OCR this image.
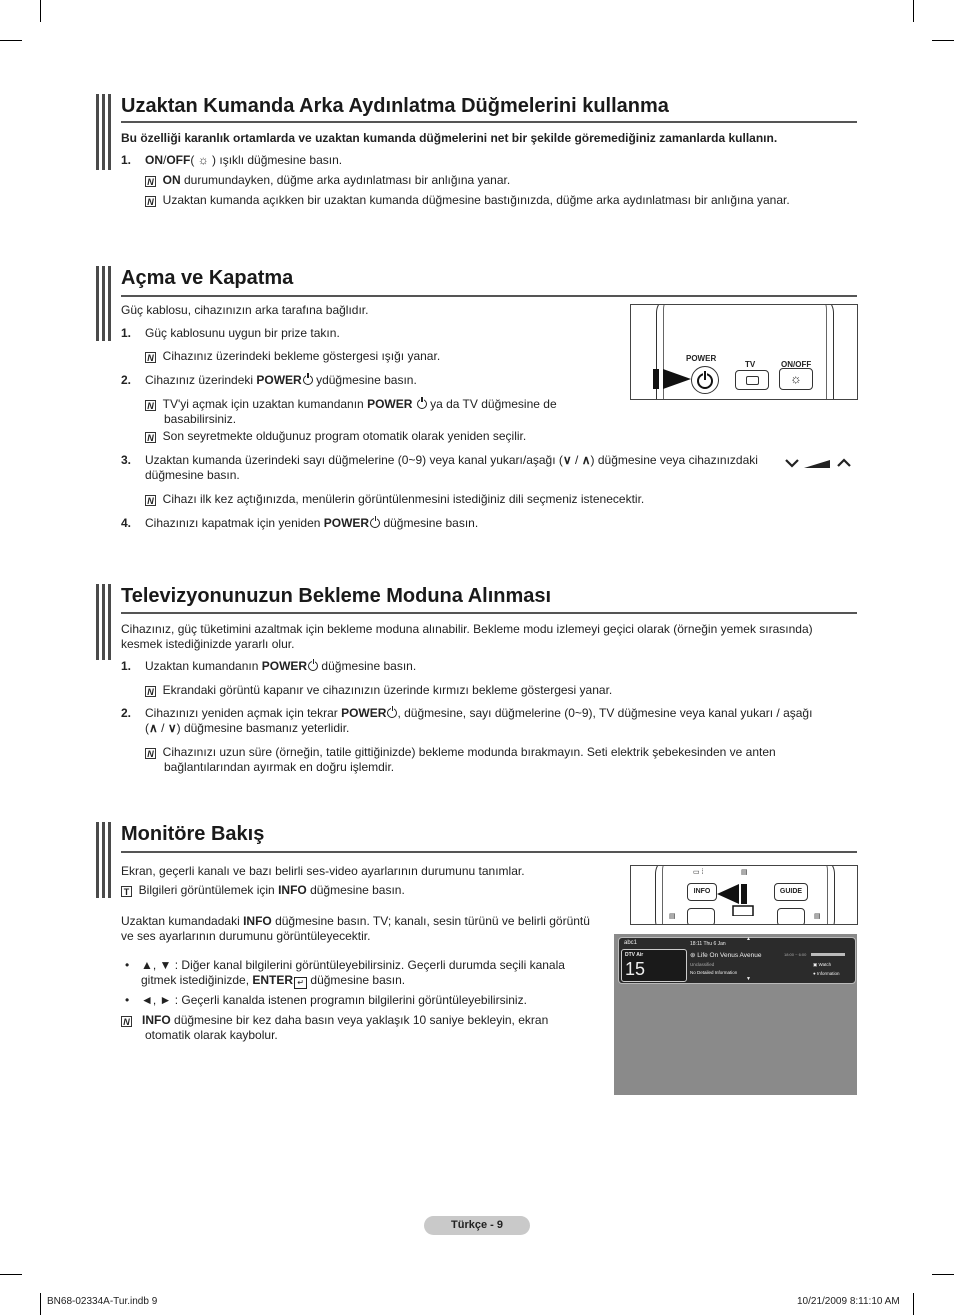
Uzaktan Kumanda Arka Aydınlatma Düğmelerini kullanma
Bu özelliği karanlık ortamlarda ve uzaktan kumanda düğmelerini net bir şekilde göremediğiniz zamanlarda kullanın.
1. ON/OFF( ☼ ) ışıklı düğmesine basın.
N ON durumundayken, düğme arka aydınlatması bir anlığına yanar.
N Uzaktan kumanda açıkken bir uzaktan kumanda düğmesine bastığınızda, düğme arka aydınlatması bir anlığına yanar.
Açma ve Kapatma
Güç kablosu, cihazınızın arka tarafına bağlıdır.
1. Güç kablosunu uygun bir prize takın.
N Cihazınız üzerindeki bekleme göstergesi ışığı yanar.
2. Cihazınız üzerindeki POWER ydüğmesine basın.
N TV'yi açmak için uzaktan kumandanın POWER  ya da TV düğmesine de
basabilirsiniz.
N Son seyretmekte olduğunuz program otomatik olarak yeniden seçilir.
3. Uzaktan kumanda üzerindeki sayı düğmelerine (0~9) veya kanal yukarı/aşağı (∨ / ∧) düğmesine veya cihazınızdaki
düğmesine basın.
N Cihazı ilk kez açtığınızda, menülerin görüntülenmesini istediğiniz dili seçmeniz istenecektir.
4. Cihazınızı kapatmak için yeniden POWER düğmesine basın.
POWER
TV	ON/OFF
☼
Televizyonunuzun Bekleme Moduna Alınması
Cihazınız, güç tüketimini azaltmak için bekleme moduna alınabilir. Bekleme modu izlemeyi geçici olarak (örneğin yemek sırasında)
kesmek istediğinizde yararlı olur.
1. Uzaktan kumandanın POWER düğmesine basın.
N Ekrandaki görüntü kapanır ve cihazınızın üzerinde kırmızı bekleme göstergesi yanar.
2. Cihazınızı yeniden açmak için tekrar POWER , düğmesine, sayı düğmelerine (0~9), TV düğmesine veya kanal yukarı / aşağı
(∧ / ∨) düğmesine basmanız yeterlidir.
N Cihazınızı uzun süre (örneğin, tatile gittiğinizde) bekleme modunda bırakmayın. Seti elektrik şebekesinden ve anten
bağlantılarından ayırmak en doğru işlemdir.
Monitöre Bakış
Ekran, geçerli kanalı ve bazı belirli ses-video ayarlarının durumunu tanımlar.
T Bilgileri görüntülemek için INFO düğmesine basın.
Uzaktan kumandadaki INFO düğmesine basın. TV; kanalı, sesin türünü ve belirli görüntü
ve ses ayarlarının durumunu görüntüleyecektir.
• ▲, ▼ : Diğer kanal bilgilerini görüntüleyebilirsiniz. Geçerli durumda seçili kanala
gitmek istediğinizde, ENTER ↵ düğmesine basın.
• ◄, ► : Geçerli kanalda istenen programın bilgilerini görüntüleyebilirsiniz.
N INFO düğmesine bir kez daha basın veya yaklaşık 10 saniye bekleyin, ekran
otomatik olarak kaybolur.
INFO	GUIDE
▭ ⁞	▤
▤	▤
abc1
DTV Air
15
18:11 Thu 6 Jan
▲
⊛ Life On Venus Avenue
Unclassified
No Detailed Information
18:00 ~ 6:00
▣ Watch
● Information
▼
Türkçe - 9
BN68-02334A-Tur.indb 9	10/21/2009 8:11:10 AM
